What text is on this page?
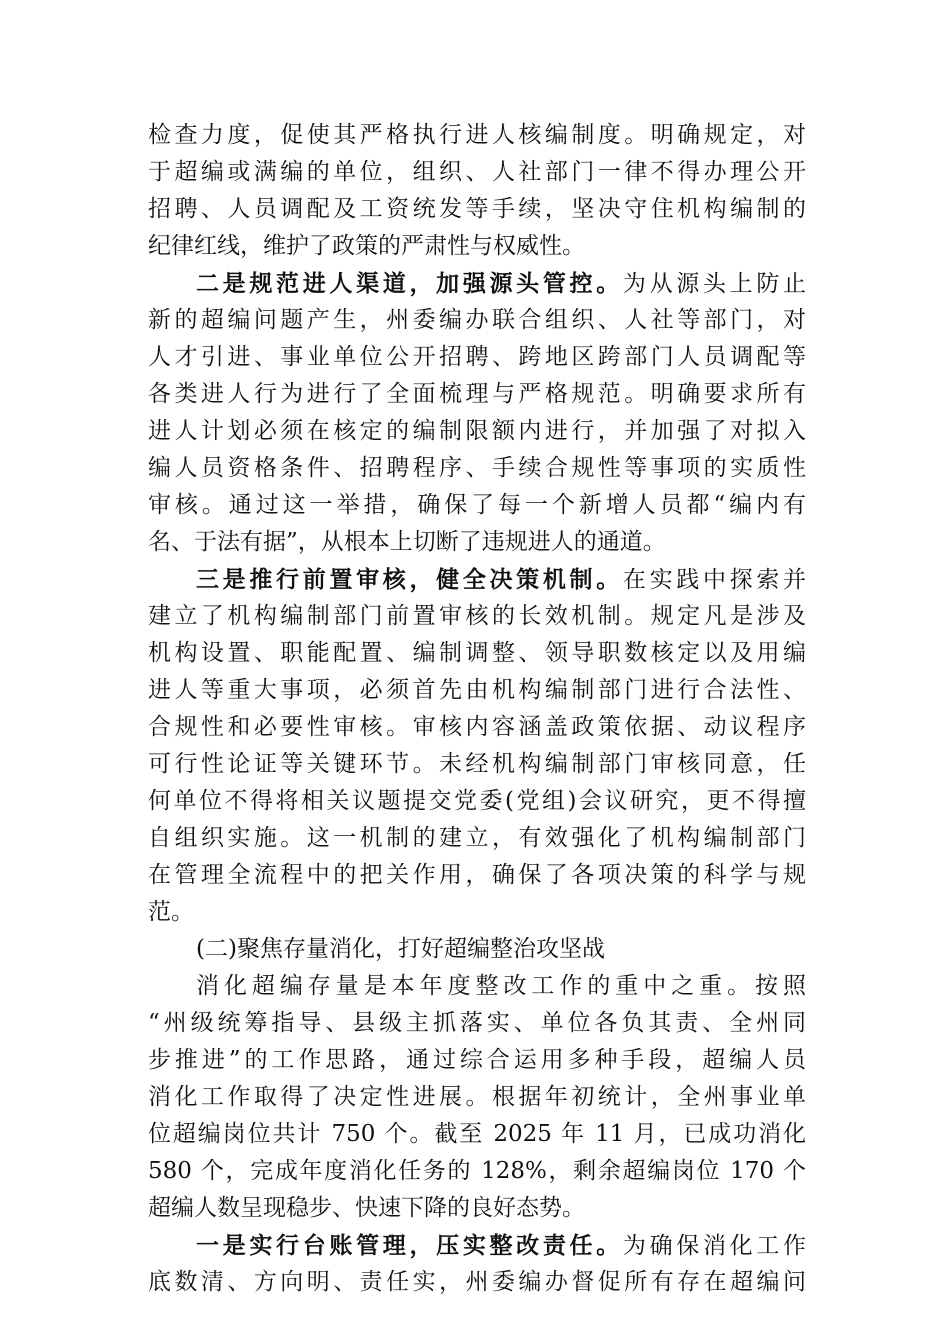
检查力度，促使其严格执行进人核编制度。明确规定，对
于超编或满编的单位，组织、人社部门一律不得办理公开
招聘、人员调配及工资统发等手续，坚决守住机构编制的
纪律红线，维护了政策的严肃性与权威性。
二是规范进人渠道，加强源头管控。为从源头上防止
新的超编问题产生，州委编办联合组织、人社等部门，对
人才引进、事业单位公开招聘、跨地区跨部门人员调配等
各类进人行为进行了全面梳理与严格规范。明确要求所有
进人计划必须在核定的编制限额内进行，并加强了对拟入
编人员资格条件、招聘程序、手续合规性等事项的实质性
审核。通过这一举措，确保了每一个新增人员都“编内有
名、于法有据”，从根本上切断了违规进人的通道。
三是推行前置审核，健全决策机制。在实践中探索并
建立了机构编制部门前置审核的长效机制。规定凡是涉及
机构设置、职能配置、编制调整、领导职数核定以及用编
进人等重大事项，必须首先由机构编制部门进行合法性、
合规性和必要性审核。审核内容涵盖政策依据、动议程序
可行性论证等关键环节。未经机构编制部门审核同意，任
何单位不得将相关议题提交党委(党组)会议研究，更不得擅
自组织实施。这一机制的建立，有效强化了机构编制部门
在管理全流程中的把关作用，确保了各项决策的科学与规
范。
(二)聚焦存量消化，打好超编整治攻坚战
消化超编存量是本年度整改工作的重中之重。按照
“州级统筹指导、县级主抓落实、单位各负其责、全州同
步推进”的工作思路，通过综合运用多种手段，超编人员
消化工作取得了决定性进展。根据年初统计，全州事业单
位超编岗位共计 750 个。截至 2025 年 11 月，已成功消化
580 个，完成年度消化任务的 128%，剩余超编岗位 170 个
超编人数呈现稳步、快速下降的良好态势。
一是实行台账管理，压实整改责任。为确保消化工作
底数清、方向明、责任实，州委编办督促所有存在超编问
